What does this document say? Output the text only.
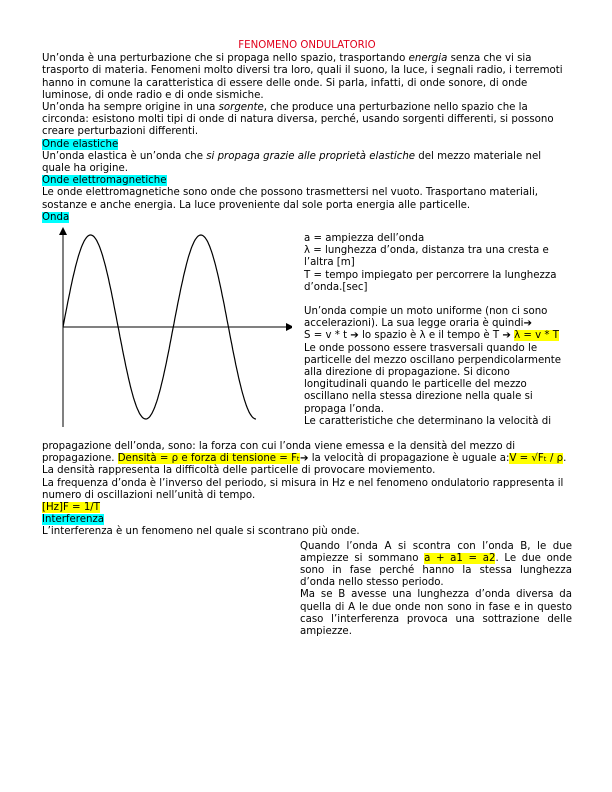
FENOMENO ONDULATORIO

Un’onda è una perturbazione che si propaga nello spazio, trasportando energia senza che vi sia trasporto di materia. Fenomeni molto diversi tra loro, quali il suono, la luce, i segnali radio, i terremoti hanno in comune la caratteristica di essere delle onde. Si parla, infatti, di onde sonore, di onde luminose, di onde radio e di onde sismiche.

Un’onda ha sempre origine in una sorgente, che produce una perturbazione nello spazio che la circonda: esistono molti tipi di onde di natura diversa, perché, usando sorgenti differenti, si possono creare perturbazioni differenti.

Onde elastiche

Un’onda elastica è un’onda che si propaga grazie alle proprietà elastiche del mezzo materiale nel quale ha origine.

Onde elettromagnetiche

Le onde elettromagnetiche sono onde che possono trasmettersi nel vuoto. Trasportano materiali, sostanze e anche energia. La luce proveniente dal sole porta energia alle particelle.

Onda

a = ampiezza dell’onda

λ = lunghezza d’onda, distanza tra una cresta e l’altra [m]

T = tempo impiegato per percorrere la lunghezza d’onda.[sec]

Un’onda compie un moto uniforme (non ci sono accelerazioni). La sua legge oraria è quindi➔

S = v * t ➔ lo spazio è λ e il tempo è T ➔ λ = v * T

Le onde possono essere trasversali quando le particelle del mezzo oscillano perpendicolarmente alla direzione di propagazione. Si dicono longitudinali quando le particelle del mezzo oscillano nella stessa direzione nella quale si propaga l’onda.

Le caratteristiche che determinano la velocità di

propagazione dell’onda, sono: la forza con cui l’onda viene emessa e la densità del mezzo di propagazione. Densità = ρ e forza di tensione = Fₜ➔ la velocità di propagazione è uguale a:V = √Fₜ / ρ.

La densità rappresenta la difficoltà delle particelle di provocare moviemento.

La frequenza d’onda è l’inverso del periodo, si misura in Hz e nel fenomeno ondulatorio rappresenta il numero di oscillazioni nell’unità di tempo.

[Hz]F = 1/T

Interferenza

L’interferenza è un fenomeno nel quale si scontrano più onde.

Quando l’onda A si scontra con l’onda B, le due ampiezze si sommano a + a1 = a2. Le due onde sono in fase perché hanno la stessa lunghezza d’onda nello stesso periodo.

Ma se B avesse una lunghezza d’onda diversa da quella di A le due onde non sono in fase e in questo caso l’interferenza provoca una sottrazione delle ampiezze.
